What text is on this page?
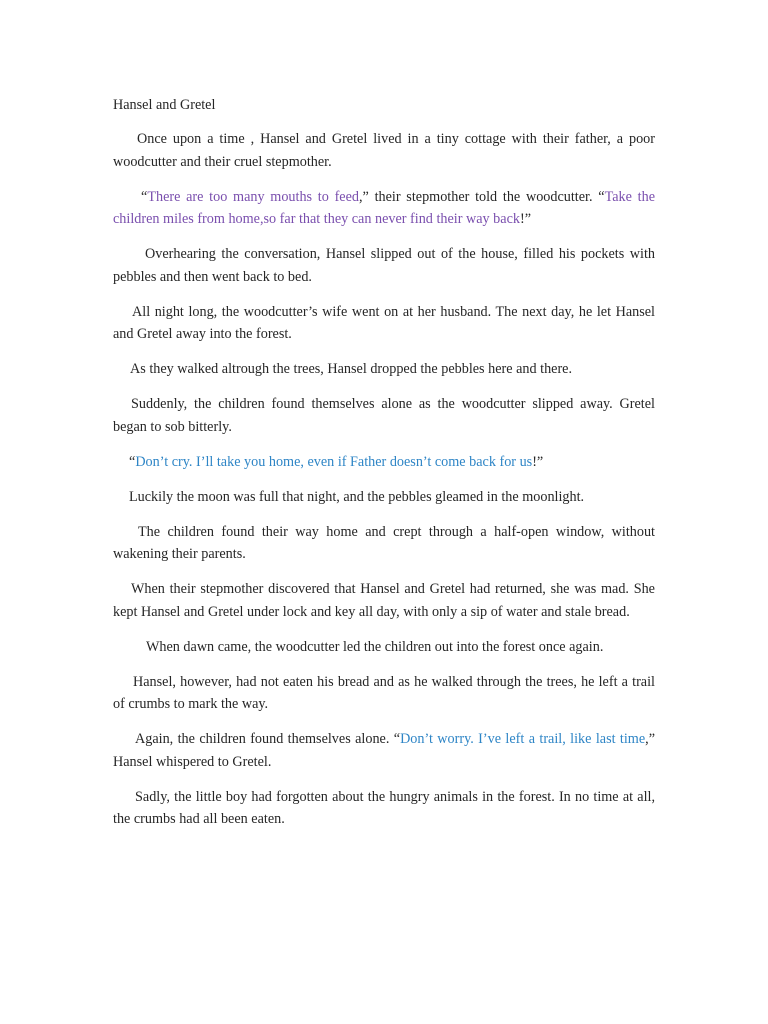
Hansel and Gretel

Once upon a time , Hansel and Gretel lived in a tiny cottage with their father, a poor woodcutter and their cruel stepmother.

“There are too many mouths to feed,” their stepmother told the woodcutter. “Take the children miles from home,so far that they can never find their way back!”

Overhearing the conversation, Hansel slipped out of the house, filled his pockets with pebbles and then went back to bed.

All night long, the woodcutter’s wife went on at her husband. The next day, he let Hansel and Gretel away into the forest.

As they walked altrough the trees, Hansel dropped the pebbles here and there.

Suddenly, the children found themselves alone as the woodcutter slipped away. Gretel began to sob bitterly.

“Don’t cry. I’ll take you home, even if Father doesn’t come back for us!”

Luckily the moon was full that night, and the pebbles gleamed in the moonlight.

The children found their way home and crept through a half-open window, without wakening their parents.

When their stepmother discovered that Hansel and Gretel had returned, she was mad. She kept Hansel and Gretel under lock and key all day, with only a sip of water and stale bread.

When dawn came, the woodcutter led the children out into the forest once again.

Hansel, however, had not eaten his bread and as he walked through the trees, he left a trail of crumbs to mark the way.

Again, the children found themselves alone. “Don’t worry. I’ve left a trail, like last time,” Hansel whispered to Gretel.

Sadly, the little boy had forgotten about the hungry animals in the forest. In no time at all, the crumbs had all been eaten.
